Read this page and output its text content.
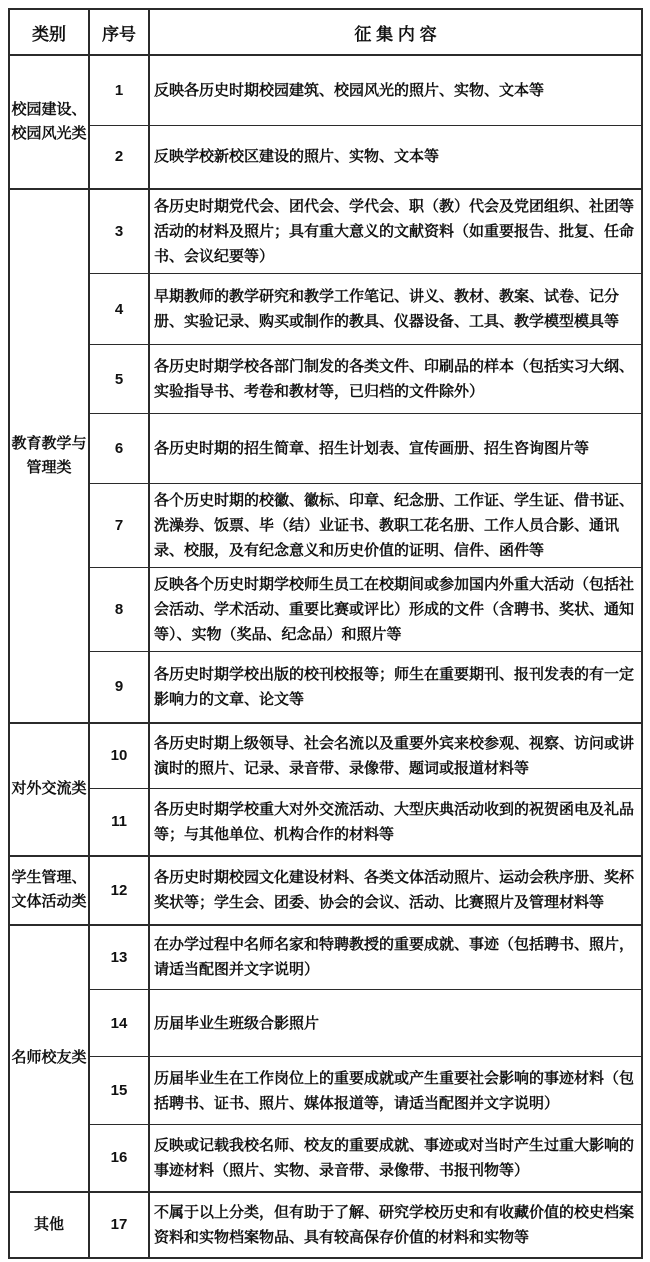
类别	序号	征 集 内 容
校园建设、校园风光类	1	反映各历史时期校园建筑、校园风光的照片、实物、文本等
	2	反映学校新校区建设的照片、实物、文本等
教育教学与管理类	3	各历史时期党代会、团代会、学代会、职（教）代会及党团组织、社团等活动的材料及照片；具有重大意义的文献资料（如重要报告、批复、任命书、会议纪要等）
	4	早期教师的教学研究和教学工作笔记、讲义、教材、教案、试卷、记分册、实验记录、购买或制作的教具、仪器设备、工具、教学模型模具等
	5	各历史时期学校各部门制发的各类文件、印刷品的样本（包括实习大纲、实验指导书、考卷和教材等，已归档的文件除外）
	6	各历史时期的招生简章、招生计划表、宣传画册、招生咨询图片等
	7	各个历史时期的校徽、徽标、印章、纪念册、工作证、学生证、借书证、洗澡券、饭票、毕（结）业证书、教职工花名册、工作人员合影、通讯录、校服，及有纪念意义和历史价值的证明、信件、函件等
	8	反映各个历史时期学校师生员工在校期间或参加国内外重大活动（包括社会活动、学术活动、重要比赛或评比）形成的文件（含聘书、奖状、通知等）、实物（奖品、纪念品）和照片等
	9	各历史时期学校出版的校刊校报等；师生在重要期刊、报刊发表的有一定影响力的文章、论文等
对外交流类	10	各历史时期上级领导、社会名流以及重要外宾来校参观、视察、访问或讲演时的照片、记录、录音带、录像带、题词或报道材料等
	11	各历史时期学校重大对外交流活动、大型庆典活动收到的祝贺函电及礼品等；与其他单位、机构合作的材料等
学生管理、文体活动类	12	各历史时期校园文化建设材料、各类文体活动照片、运动会秩序册、奖杯奖状等；学生会、团委、协会的会议、活动、比赛照片及管理材料等
名师校友类	13	在办学过程中名师名家和特聘教授的重要成就、事迹（包括聘书、照片，请适当配图并文字说明）
	14	历届毕业生班级合影照片
	15	历届毕业生在工作岗位上的重要成就或产生重要社会影响的事迹材料（包括聘书、证书、照片、媒体报道等，请适当配图并文字说明）
	16	反映或记载我校名师、校友的重要成就、事迹或对当时产生过重大影响的事迹材料（照片、实物、录音带、录像带、书报刊物等）
其他	17	不属于以上分类，但有助于了解、研究学校历史和有收藏价值的校史档案资料和实物档案物品、具有较高保存价值的材料和实物等
